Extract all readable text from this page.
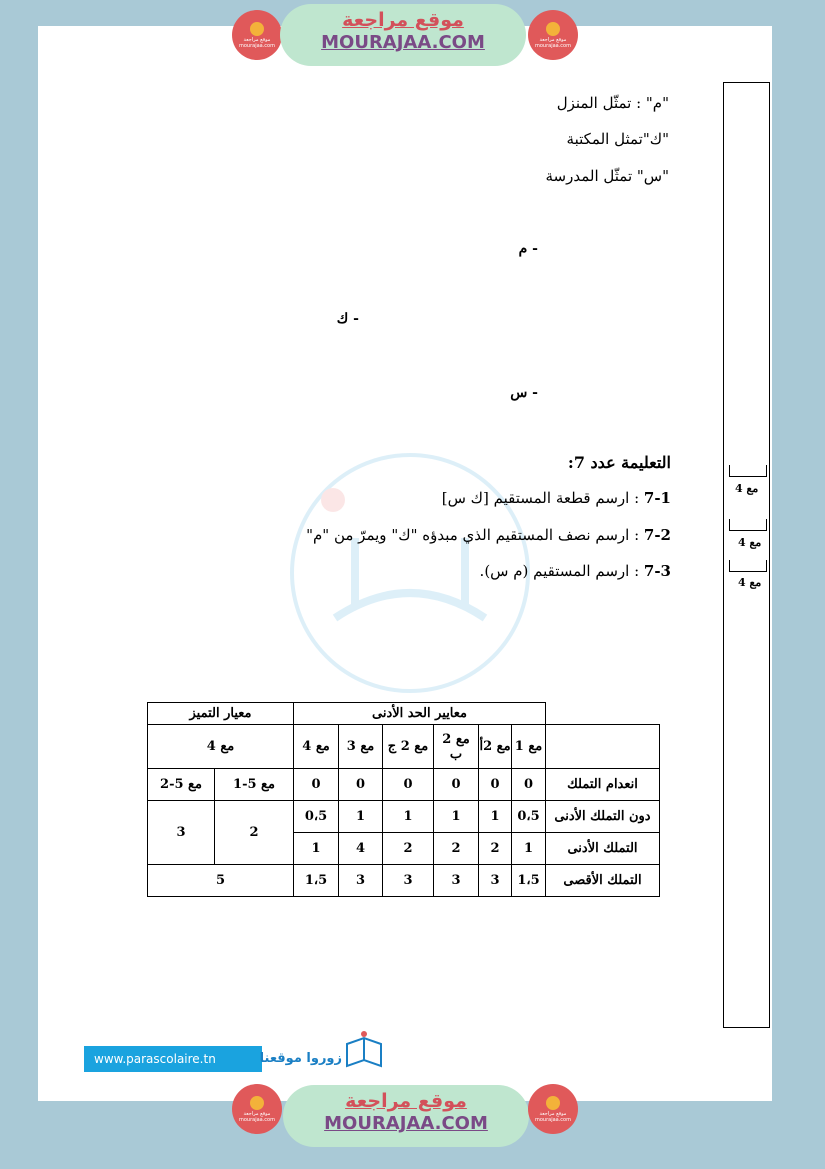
موقع مراجعة mourajaa.com
موقع مراجعة
MOURAJAA.COM	موقع مراجعة mourajaa.com
"م" : تمثّل المنزل
"ك"تمثل المكتبة
"س" تمثّل المدرسة
- م
- ك
- س
التعليمة عدد 7:
7-1 : ارسم قطعة المستقيم [ك س]
7-2 : ارسم نصف المستقيم الذي مبدؤه "ك" ويمرّ من "م"
7-3 : ارسم المستقيم (م س).
مع 4
مع 4
مع 4
	معايير الحد الأدنى						معيار التميز	
	مع 1	مع 2أ	مع 2 ب	مع 2 ج	مع 3	مع 4	مع 4	
انعدام التملك	0	0	0	0	0	0	مع 5-1	مع 5-2
دون التملك الأدنى	0،5	1	1	1	1	0،5	2	3
التملك الأدنى	1	2	2	2	4	1		
التملك الأقصى	1،5	3	3	3	3	1،5	5	
www.parascolaire.tn	زوروا موقعنا
موقع مراجعة mourajaa.com
موقع مراجعة
MOURAJAA.COM	موقع مراجعة mourajaa.com
